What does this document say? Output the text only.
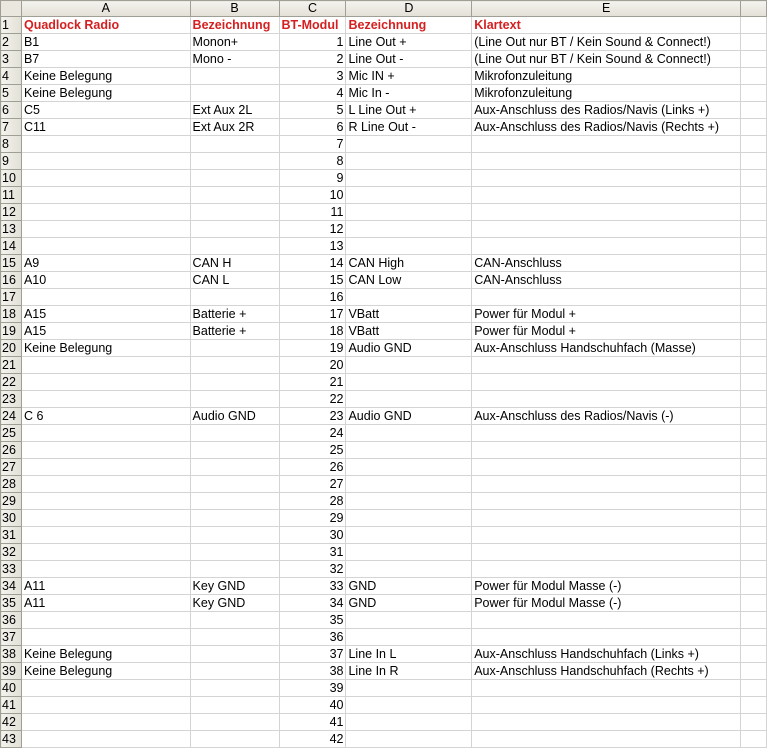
	A	B	C	D	E	
1	Quadlock Radio	Bezeichnung	BT-Modul	Bezeichnung	Klartext	
2	B1	Monon+	1	Line Out +	(Line Out nur BT / Kein Sound & Connect!)	
3	B7	Mono -	2	Line Out -	(Line Out nur BT / Kein Sound & Connect!)	
4	Keine Belegung		3	Mic IN +	Mikrofonzuleitung	
5	Keine Belegung		4	Mic In -	Mikrofonzuleitung	
6	C5	Ext Aux 2L	5	L Line Out +	Aux-Anschluss des Radios/Navis (Links +)	
7	C11	Ext Aux 2R	6	R Line Out -	Aux-Anschluss des Radios/Navis (Rechts +)	
8			7			
9			8			
10			9			
11			10			
12			11			
13			12			
14			13			
15	A9	CAN H	14	CAN High	CAN-Anschluss	
16	A10	CAN L	15	CAN Low	CAN-Anschluss	
17			16			
18	A15	Batterie +	17	VBatt	Power für Modul +	
19	A15	Batterie +	18	VBatt	Power für Modul +	
20	Keine Belegung		19	Audio GND	Aux-Anschluss Handschuhfach (Masse)	
21			20			
22			21			
23			22			
24	C 6	Audio GND	23	Audio GND	Aux-Anschluss des Radios/Navis (-)	
25			24			
26			25			
27			26			
28			27			
29			28			
30			29			
31			30			
32			31			
33			32			
34	A11	Key GND	33	GND	Power für Modul Masse (-)	
35	A11	Key GND	34	GND	Power für Modul Masse (-)	
36			35			
37			36			
38	Keine Belegung		37	Line In L	Aux-Anschluss Handschuhfach (Links +)	
39	Keine Belegung		38	Line In R	Aux-Anschluss Handschuhfach (Rechts +)	
40			39			
41			40			
42			41			
43			42			
